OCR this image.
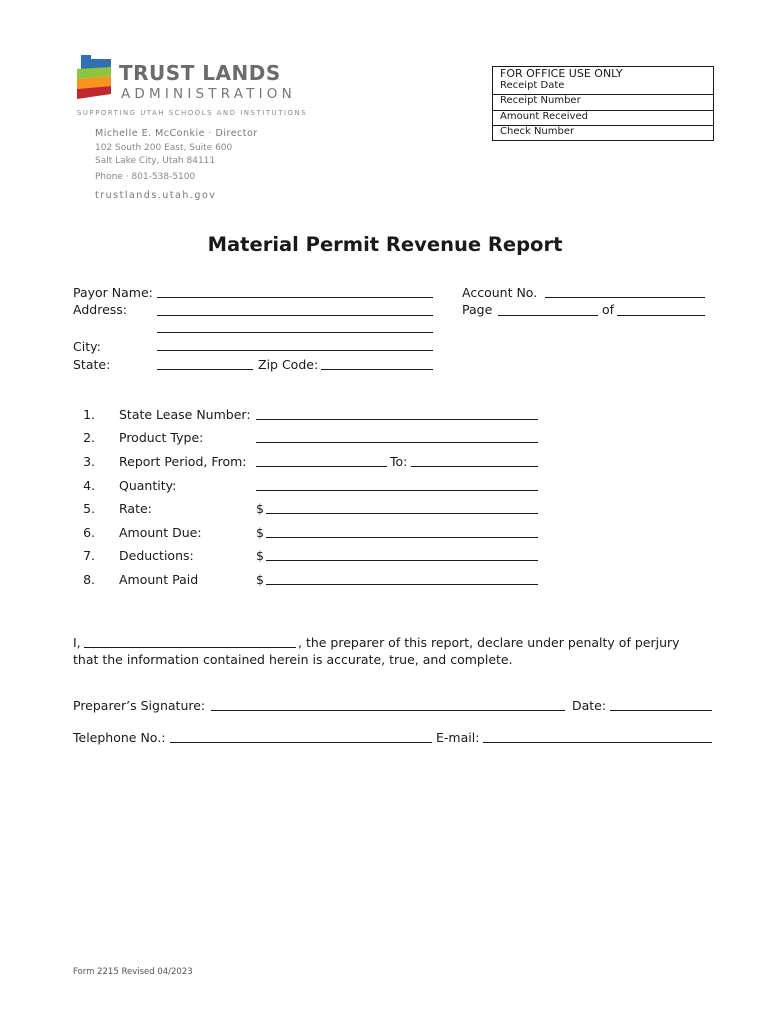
TRUST LANDS
ADMINISTRATION
SUPPORTING UTAH SCHOOLS AND INSTITUTIONS
Michelle E. McConkie · Director
102 South 200 East, Suite 600
Salt Lake City, Utah 84111
Phone · 801-538-5100
trustlands.utah.gov
FOR OFFICE USE ONLY
Receipt Date
Receipt Number
Amount Received
Check Number
Material Permit Revenue Report
Payor Name:
Address:
City:
State:	Zip Code:
Account No.
Page	of
1. State Lease Number:
2. Product Type:
3. Report Period, From:	To:
4. Quantity:
5. Rate:	$
6. Amount Due:	$
7. Deductions:	$
8. Amount Paid	$
I,	, the preparer of this report, declare under penalty of perjury
that the information contained herein is accurate, true, and complete.
Preparer’s Signature:	Date:
Telephone No.:	E-mail:
Form 2215 Revised 04/2023
